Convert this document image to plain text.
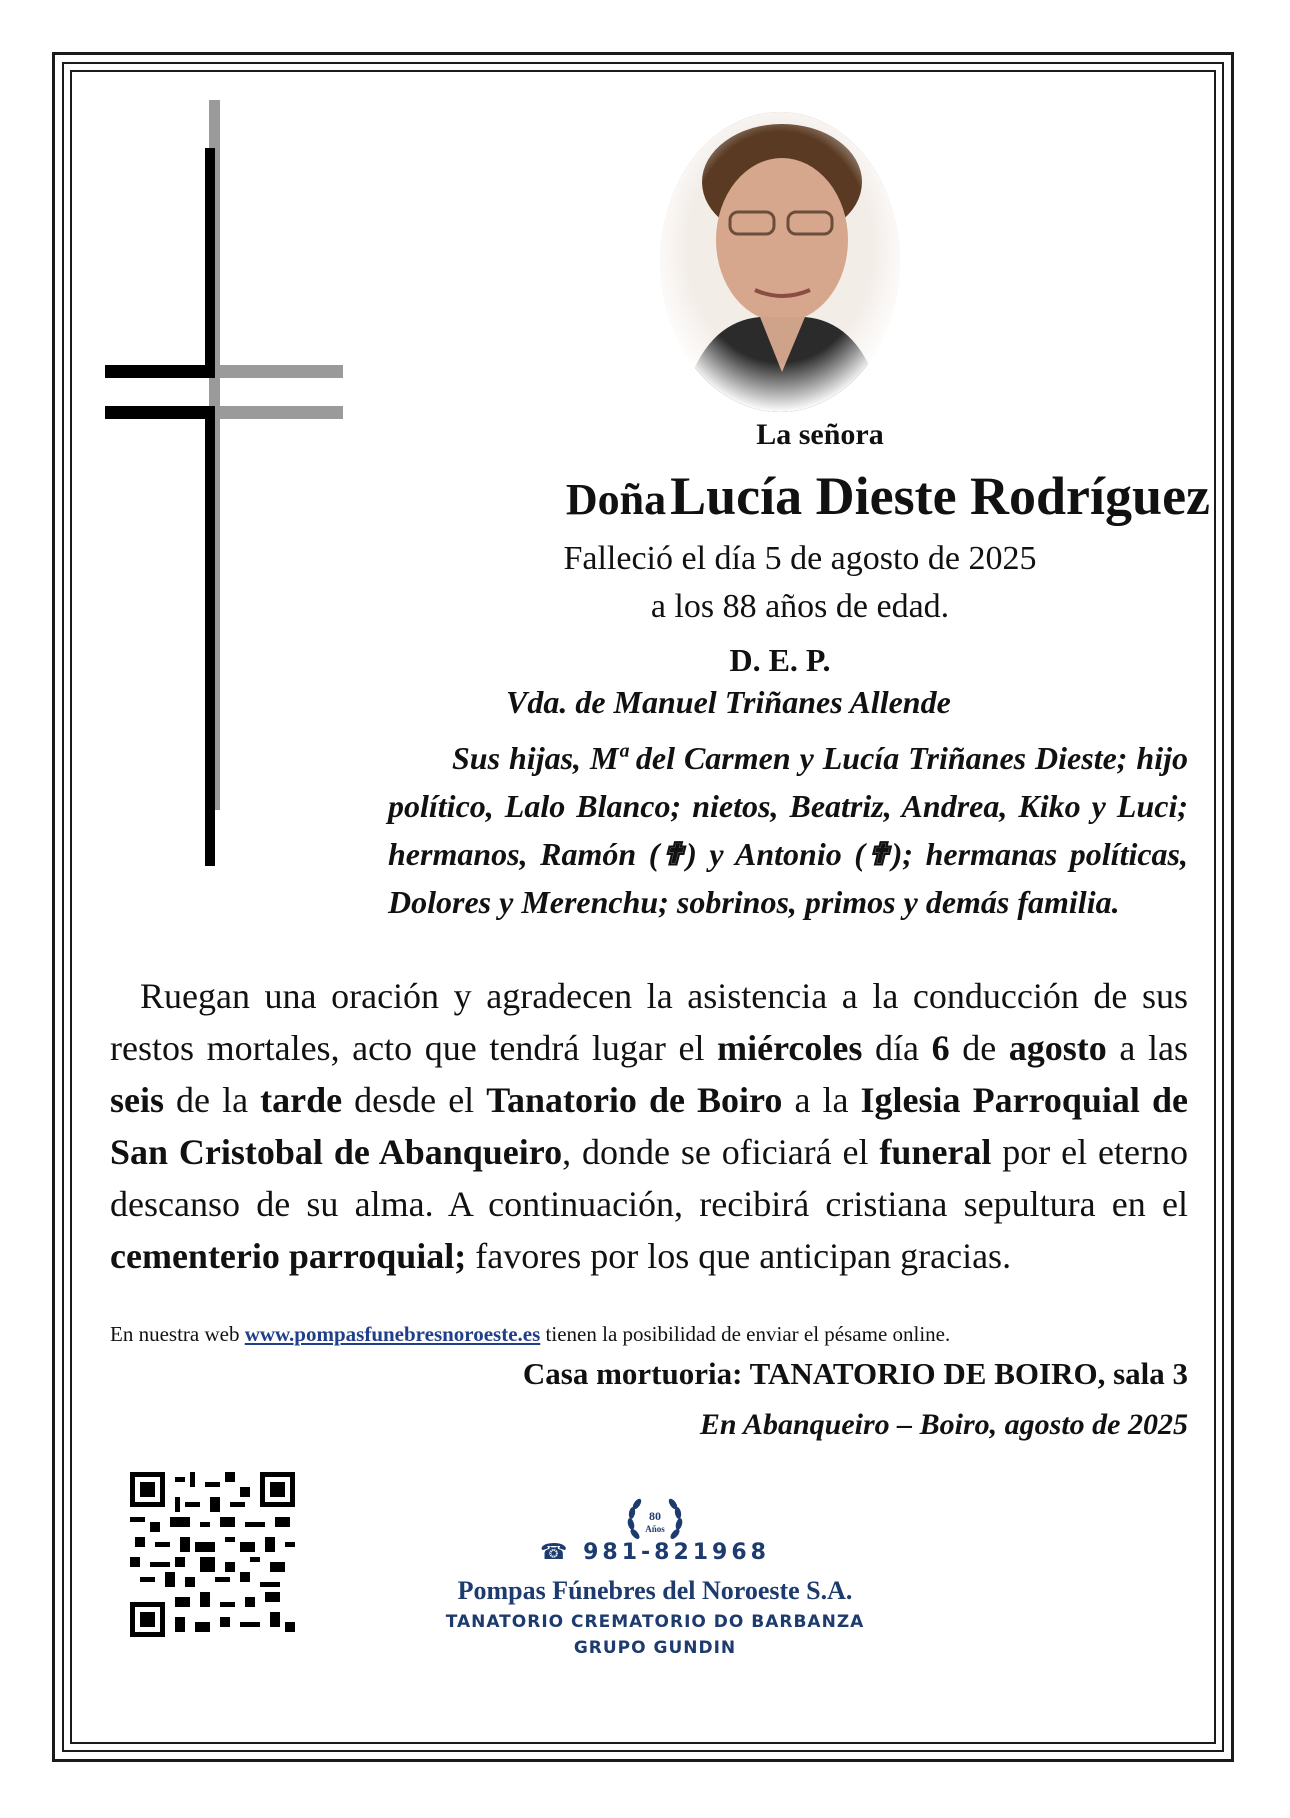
La señora
Doña Lucía Dieste Rodríguez
Falleció el día 5 de agosto de 2025
a los 88 años de edad.
D. E. P.
Vda. de Manuel Triñanes Allende
Sus hijas, Mª del Carmen y Lucía Triñanes Dieste; hijo político, Lalo Blanco; nietos, Beatriz, Andrea, Kiko y Luci; hermanos, Ramón (✟) y Antonio (✟); hermanas políticas, Dolores y Merenchu; sobrinos, primos y demás familia.
Ruegan una oración y agradecen la asistencia a la conducción de sus restos mortales, acto que tendrá lugar el miércoles día 6 de agosto a las seis de la tarde desde el Tanatorio de Boiro a la Iglesia Parroquial de San Cristobal de Abanqueiro, donde se oficiará el funeral por el eterno descanso de su alma. A continuación, recibirá cristiana sepultura en el cementerio parroquial; favores por los que anticipan gracias.
En nuestra web www.pompasfunebresnoroeste.es tienen la posibilidad de enviar el pésame online.
Casa mortuoria: TANATORIO DE BOIRO, sala 3
En Abanqueiro – Boiro, agosto de 2025
80
Años
☎ 981-821968
Pompas Fúnebres del Noroeste S.A.
TANATORIO CREMATORIO DO BARBANZA
GRUPO GUNDIN
